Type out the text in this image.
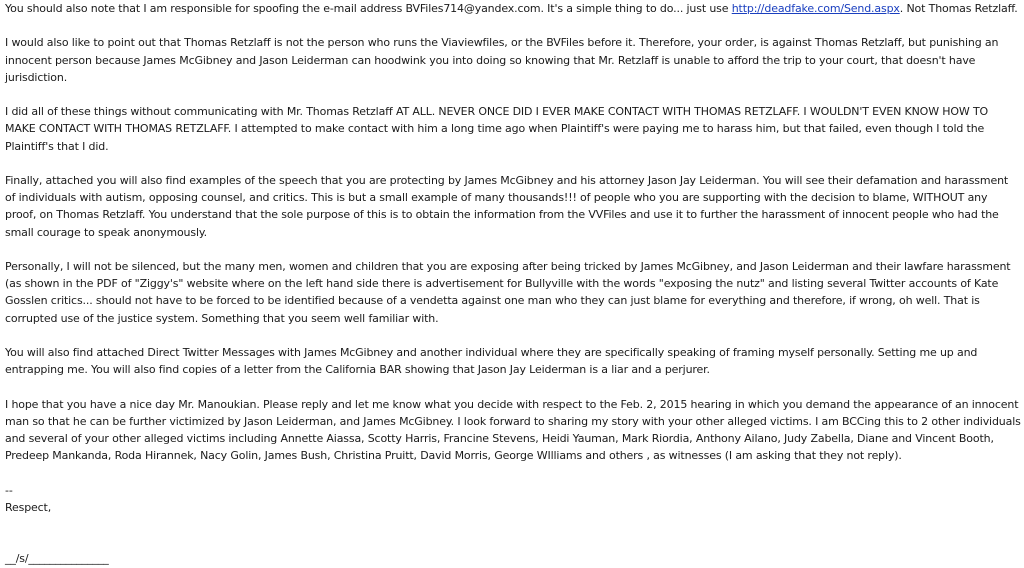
You should also note that I am responsible for spoofing the e-mail address BVFiles714@yandex.com. It's a simple thing to do... just use http://deadfake.com/Send.aspx. Not Thomas Retzlaff.

I would also like to point out that Thomas Retzlaff is not the person who runs the Viaviewfiles, or the BVFiles before it. Therefore, your order, is against Thomas Retzlaff, but punishing an innocent person because James McGibney and Jason Leiderman can hoodwink you into doing so knowing that Mr. Retzlaff is unable to afford the trip to your court, that doesn't have jurisdiction.

I did all of these things without communicating with Mr. Thomas Retzlaff AT ALL. NEVER ONCE DID I EVER MAKE CONTACT WITH THOMAS RETZLAFF. I WOULDN'T EVEN KNOW HOW TO MAKE CONTACT WITH THOMAS RETZLAFF. I attempted to make contact with him a long time ago when Plaintiff's were paying me to harass him, but that failed, even though I told the Plaintiff's that I did.

Finally, attached you will also find examples of the speech that you are protecting by James McGibney and his attorney Jason Jay Leiderman. You will see their defamation and harassment of individuals with autism, opposing counsel, and critics. This is but a small example of many thousands!!! of people who you are supporting with the decision to blame, WITHOUT any proof, on Thomas Retzlaff. You understand that the sole purpose of this is to obtain the information from the VVFiles and use it to further the harassment of innocent people who had the small courage to speak anonymously.

Personally, I will not be silenced, but the many men, women and children that you are exposing after being tricked by James McGibney, and Jason Leiderman and their lawfare harassment (as shown in the PDF of "Ziggy's" website where on the left hand side there is advertisement for Bullyville with the words "exposing the nutz" and listing several Twitter accounts of Kate Gosslen critics... should not have to be forced to be identified because of a vendetta against one man who they can just blame for everything and therefore, if wrong, oh well. That is corrupted use of the justice system. Something that you seem well familiar with.

You will also find attached Direct Twitter Messages with James McGibney and another individual where they are specifically speaking of framing myself personally. Setting me up and entrapping me. You will also find copies of a letter from the California BAR showing that Jason Jay Leiderman is a liar and a perjurer.

I hope that you have a nice day Mr. Manoukian. Please reply and let me know what you decide with respect to the Feb. 2, 2015 hearing in which you demand the appearance of an innocent man so that he can be further victimized by Jason Leiderman, and James McGibney. I look forward to sharing my story with your other alleged victims. I am BCCing this to 2 other individuals and several of your other alleged victims including Annette Aiassa, Scotty Harris, Francine Stevens, Heidi Yauman, Mark Riordia, Anthony Ailano, Judy Zabella, Diane and Vincent Booth, Predeep Mankanda, Roda Hirannek, Nacy Golin, James Bush, Christina Pruitt, David Morris, George WIlliams and others , as witnesses (I am asking that they not reply).

--

Respect,

__/s/_______________
